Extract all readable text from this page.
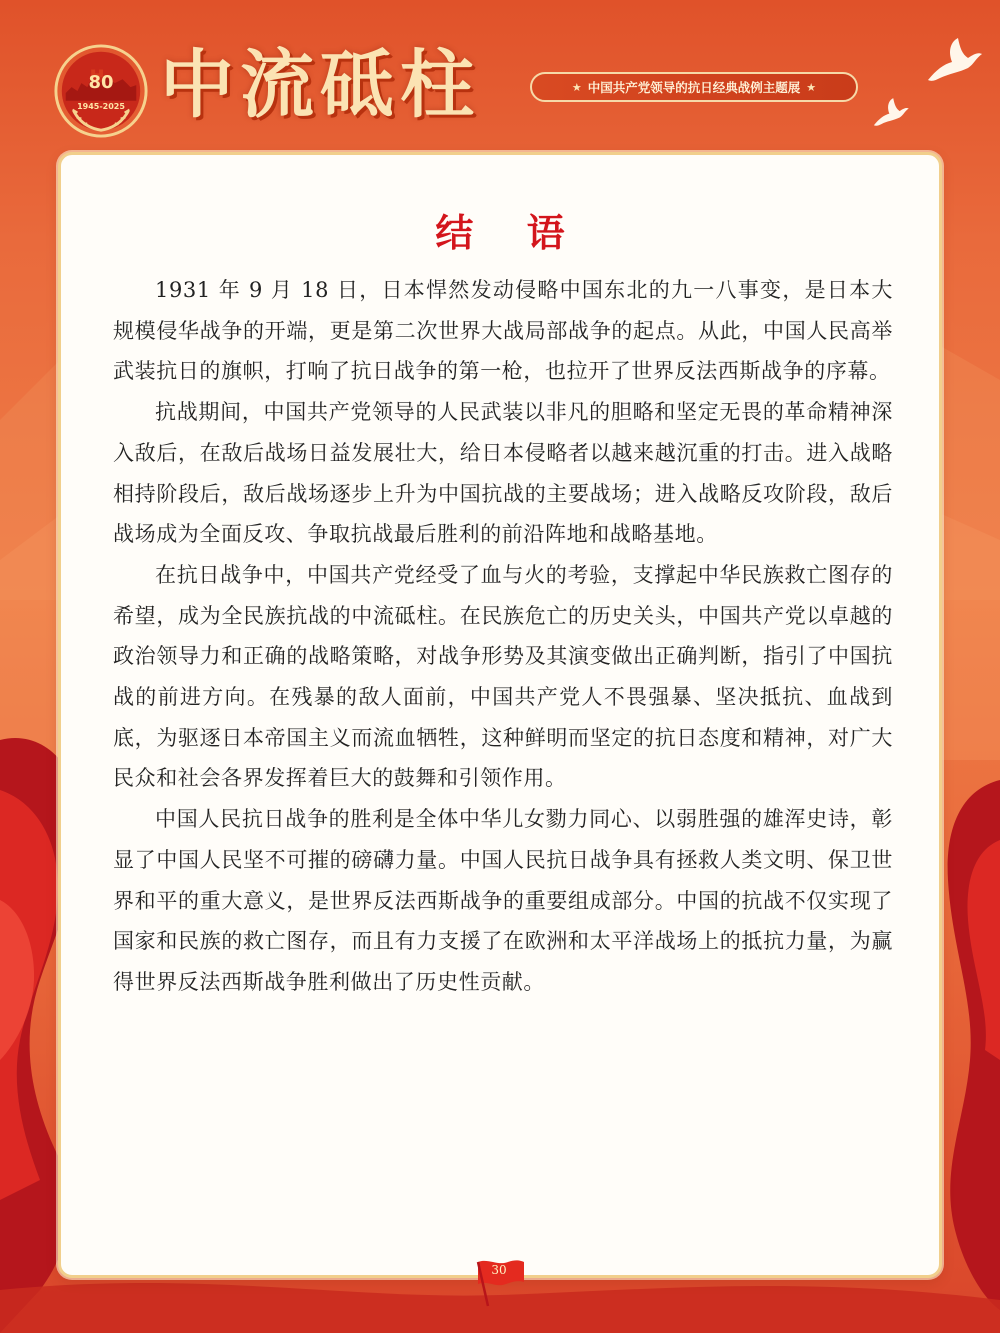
80
1945-2025 中流砥柱	★ 中国共产党领导的抗日经典战例主题展 ★
结 语

1931 年 9 月 18 日，日本悍然发动侵略中国东北的九一八事变，是日本大规模侵华战争的开端，更是第二次世界大战局部战争的起点。从此，中国人民高举武装抗日的旗帜，打响了抗日战争的第一枪，也拉开了世界反法西斯战争的序幕。

抗战期间，中国共产党领导的人民武装以非凡的胆略和坚定无畏的革命精神深入敌后，在敌后战场日益发展壮大，给日本侵略者以越来越沉重的打击。进入战略相持阶段后，敌后战场逐步上升为中国抗战的主要战场；进入战略反攻阶段，敌后战场成为全面反攻、争取抗战最后胜利的前沿阵地和战略基地。

在抗日战争中，中国共产党经受了血与火的考验，支撑起中华民族救亡图存的希望，成为全民族抗战的中流砥柱。在民族危亡的历史关头，中国共产党以卓越的政治领导力和正确的战略策略，对战争形势及其演变做出正确判断，指引了中国抗战的前进方向。在残暴的敌人面前，中国共产党人不畏强暴、坚决抵抗、血战到底，为驱逐日本帝国主义而流血牺牲，这种鲜明而坚定的抗日态度和精神，对广大民众和社会各界发挥着巨大的鼓舞和引领作用。

中国人民抗日战争的胜利是全体中华儿女勠力同心、以弱胜强的雄浑史诗，彰显了中国人民坚不可摧的磅礴力量。中国人民抗日战争具有拯救人类文明、保卫世界和平的重大意义，是世界反法西斯战争的重要组成部分。中国的抗战不仅实现了国家和民族的救亡图存，而且有力支援了在欧洲和太平洋战场上的抵抗力量，为赢得世界反法西斯战争胜利做出了历史性贡献。

30
